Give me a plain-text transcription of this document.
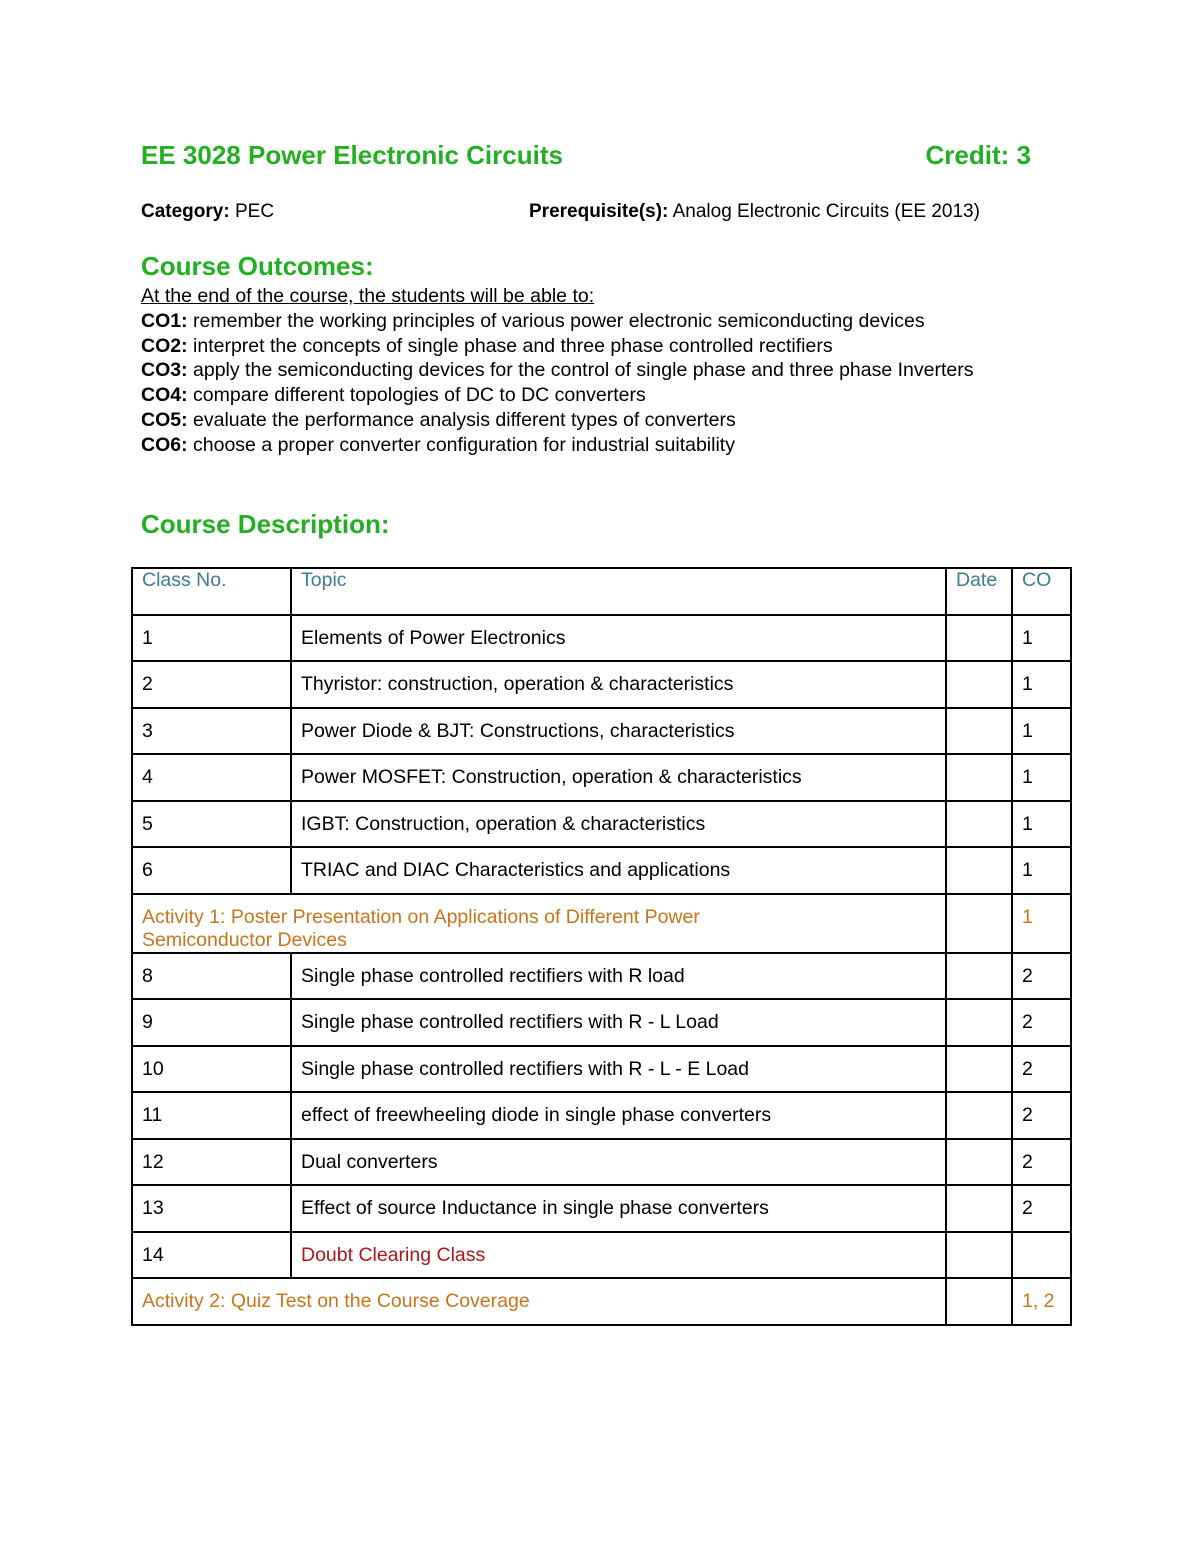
EE 3028 Power Electronic Circuits	Credit: 3
Category: PEC	Prerequisite(s): Analog Electronic Circuits (EE 2013)
Course Outcomes:
At the end of the course, the students will be able to:
CO1: remember the working principles of various power electronic semiconducting devices
CO2: interpret the concepts of single phase and three phase controlled rectifiers
CO3: apply the semiconducting devices for the control of single phase and three phase Inverters
CO4: compare different topologies of DC to DC converters
CO5: evaluate the performance analysis different types of converters
CO6: choose a proper converter configuration for industrial suitability
Course Description:
Class No.	Topic	Date	CO
1	Elements of Power Electronics		1
2	Thyristor: construction, operation & characteristics		1
3	Power Diode & BJT: Constructions, characteristics		1
4	Power MOSFET: Construction, operation & characteristics		1
5	IGBT: Construction, operation & characteristics		1
6	TRIAC and DIAC Characteristics and applications		1
Activity 1: Poster Presentation on Applications of Different Power Semiconductor Devices			1
8	Single phase controlled rectifiers with R load		2
9	Single phase controlled rectifiers with R - L Load		2
10	Single phase controlled rectifiers with R - L - E Load		2
11	effect of freewheeling diode in single phase converters		2
12	Dual converters		2
13	Effect of source Inductance in single phase converters		2
14	Doubt Clearing Class		
Activity 2: Quiz Test on the Course Coverage			1, 2
